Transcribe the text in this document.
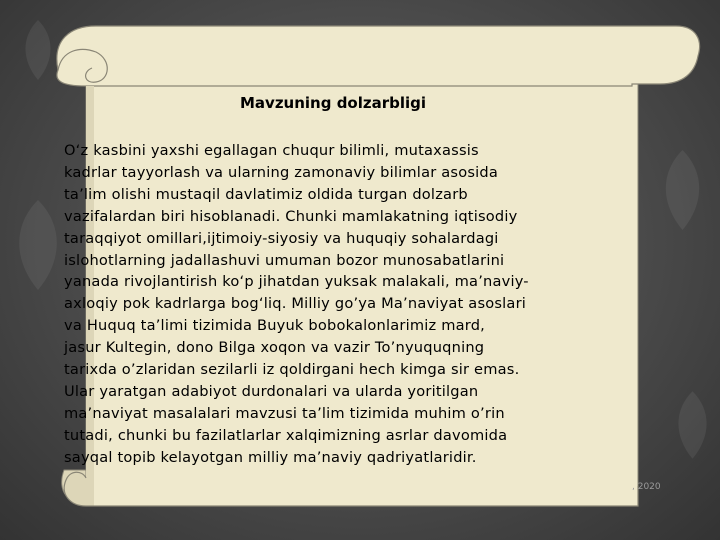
Mavzuning dolzarbligi
O‘z kasbini yaxshi egallagan chuqur bilimli, mutaxassis
kadrlar tayyorlash va ularning zamonaviy bilimlar asosida
ta’lim olishi mustaqil davlatimiz oldida turgan dolzarb
vazifalardan biri hisoblanadi. Chunki mamlakatning iqtisodiy
taraqqiyot omillari,ijtimoiy-siyosiy va huquqiy sohalardagi
islohotlarning jadallashuvi umuman bozor munosabatlarini
yanada rivojlantirish ko‘p jihatdan yuksak malakali, ma’naviy-
axloqiy pok kadrlarga bog‘liq. Milliy go’ya Ma’naviyat asoslari
va Huquq ta’limi tizimida Buyuk bobokalonlarimiz mard,
jasur Kultegin, dono Bilga xoqon va vazir To’nyuquqning
tarixda o’zlaridan sezilarli iz qoldirgani hech kimga sir emas.
Ular yaratgan adabiyot durdonalari va ularda yoritilgan
ma’naviyat masalalari mavzusi ta’lim tizimida muhim o’rin
tutadi, chunki bu fazilatlarlar xalqimizning asrlar davomida
sayqal topib kelayotgan milliy ma’naviy qadriyatlaridir.
, 2020
